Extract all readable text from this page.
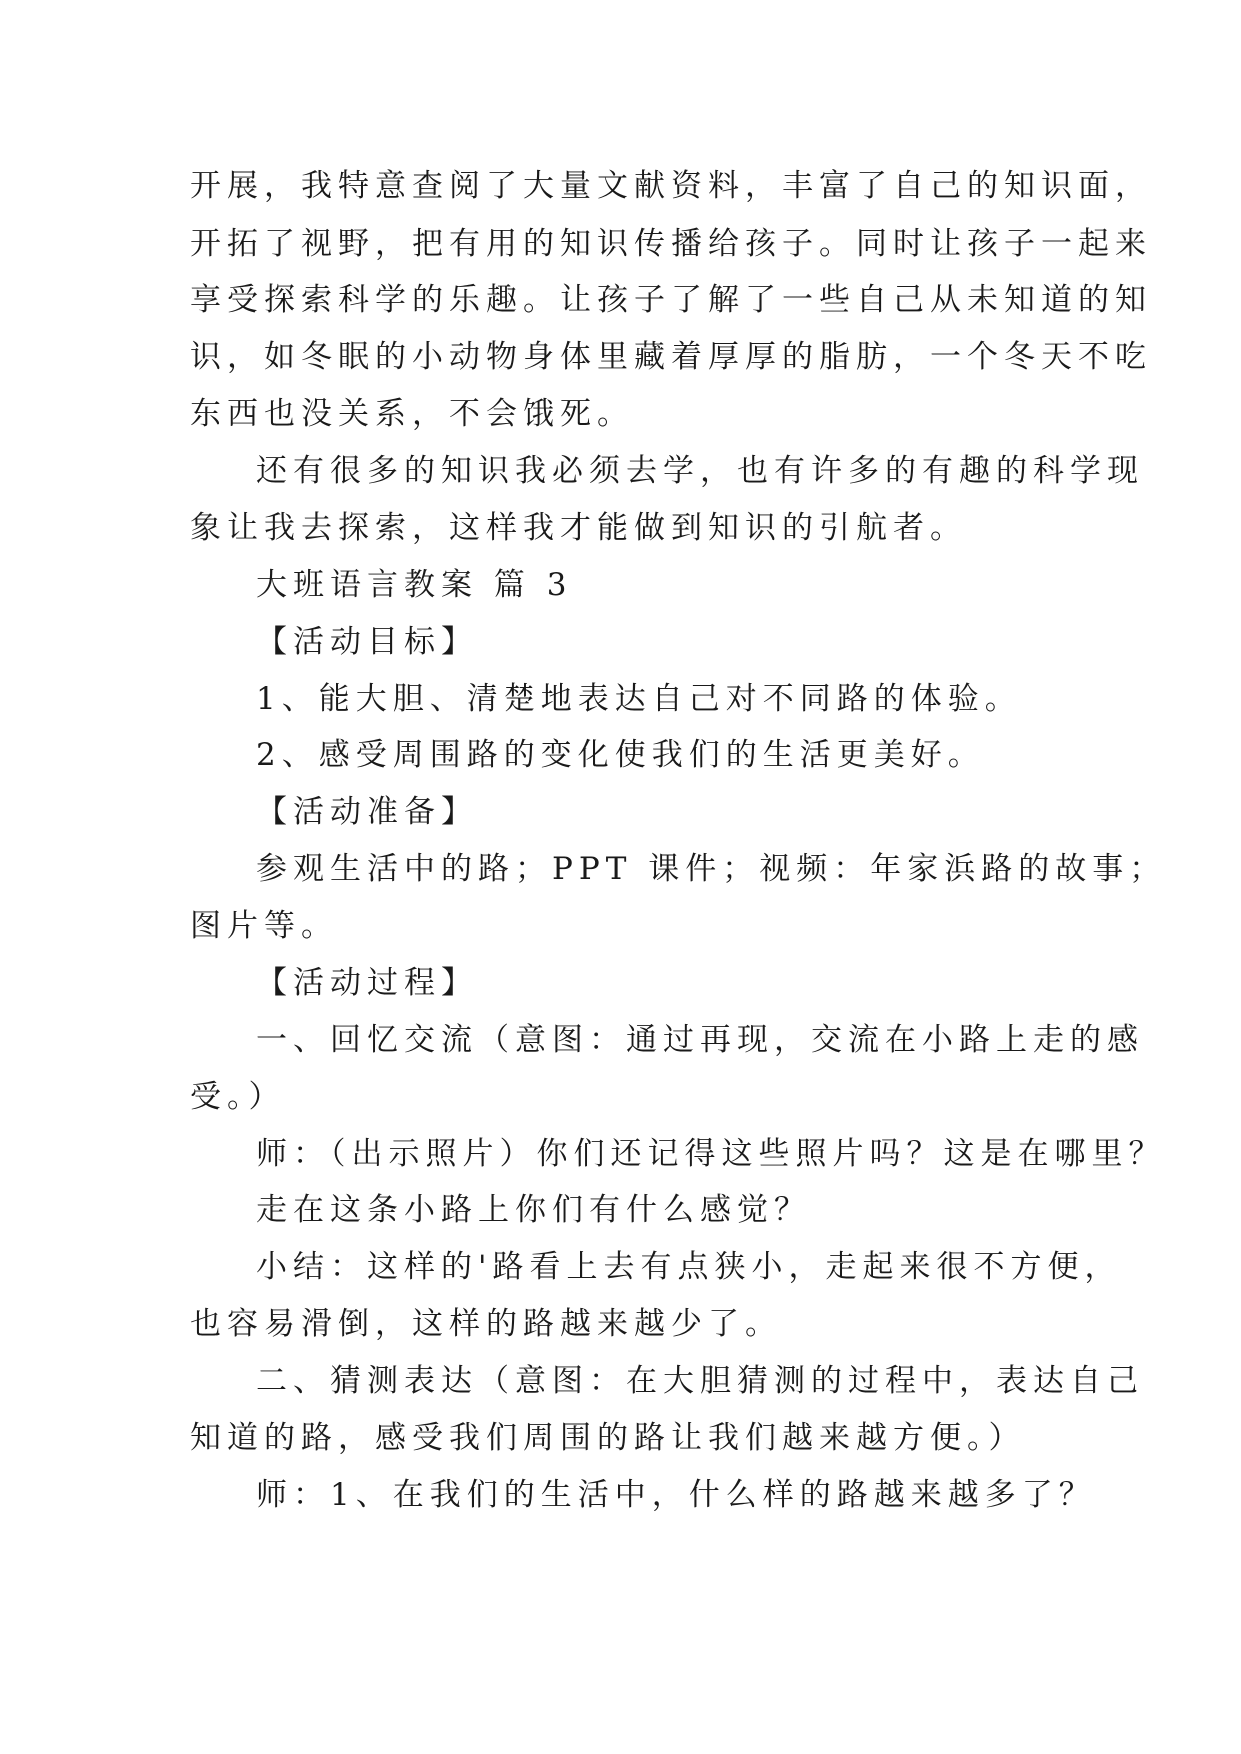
开展，我特意查阅了大量文献资料，丰富了自己的知识面，
开拓了视野，把有用的知识传播给孩子。同时让孩子一起来
享受探索科学的乐趣。让孩子了解了一些自己从未知道的知
识，如冬眠的小动物身体里藏着厚厚的脂肪，一个冬天不吃
东西也没关系，不会饿死。
还有很多的知识我必须去学，也有许多的有趣的科学现
象让我去探索，这样我才能做到知识的引航者。
大班语言教案 篇 3
【活动目标】
1、能大胆、清楚地表达自己对不同路的体验。
2、感受周围路的变化使我们的生活更美好。
【活动准备】
参观生活中的路；PPT 课件；视频：年家浜路的故事；
图片等。
【活动过程】
一、回忆交流（意图：通过再现，交流在小路上走的感
受。）
师：（出示照片）你们还记得这些照片吗？这是在哪里？
走在这条小路上你们有什么感觉？
小结：这样的'路看上去有点狭小，走起来很不方便，
也容易滑倒，这样的路越来越少了。
二、猜测表达（意图：在大胆猜测的过程中，表达自己
知道的路，感受我们周围的路让我们越来越方便。）
师：1、在我们的生活中，什么样的路越来越多了？
